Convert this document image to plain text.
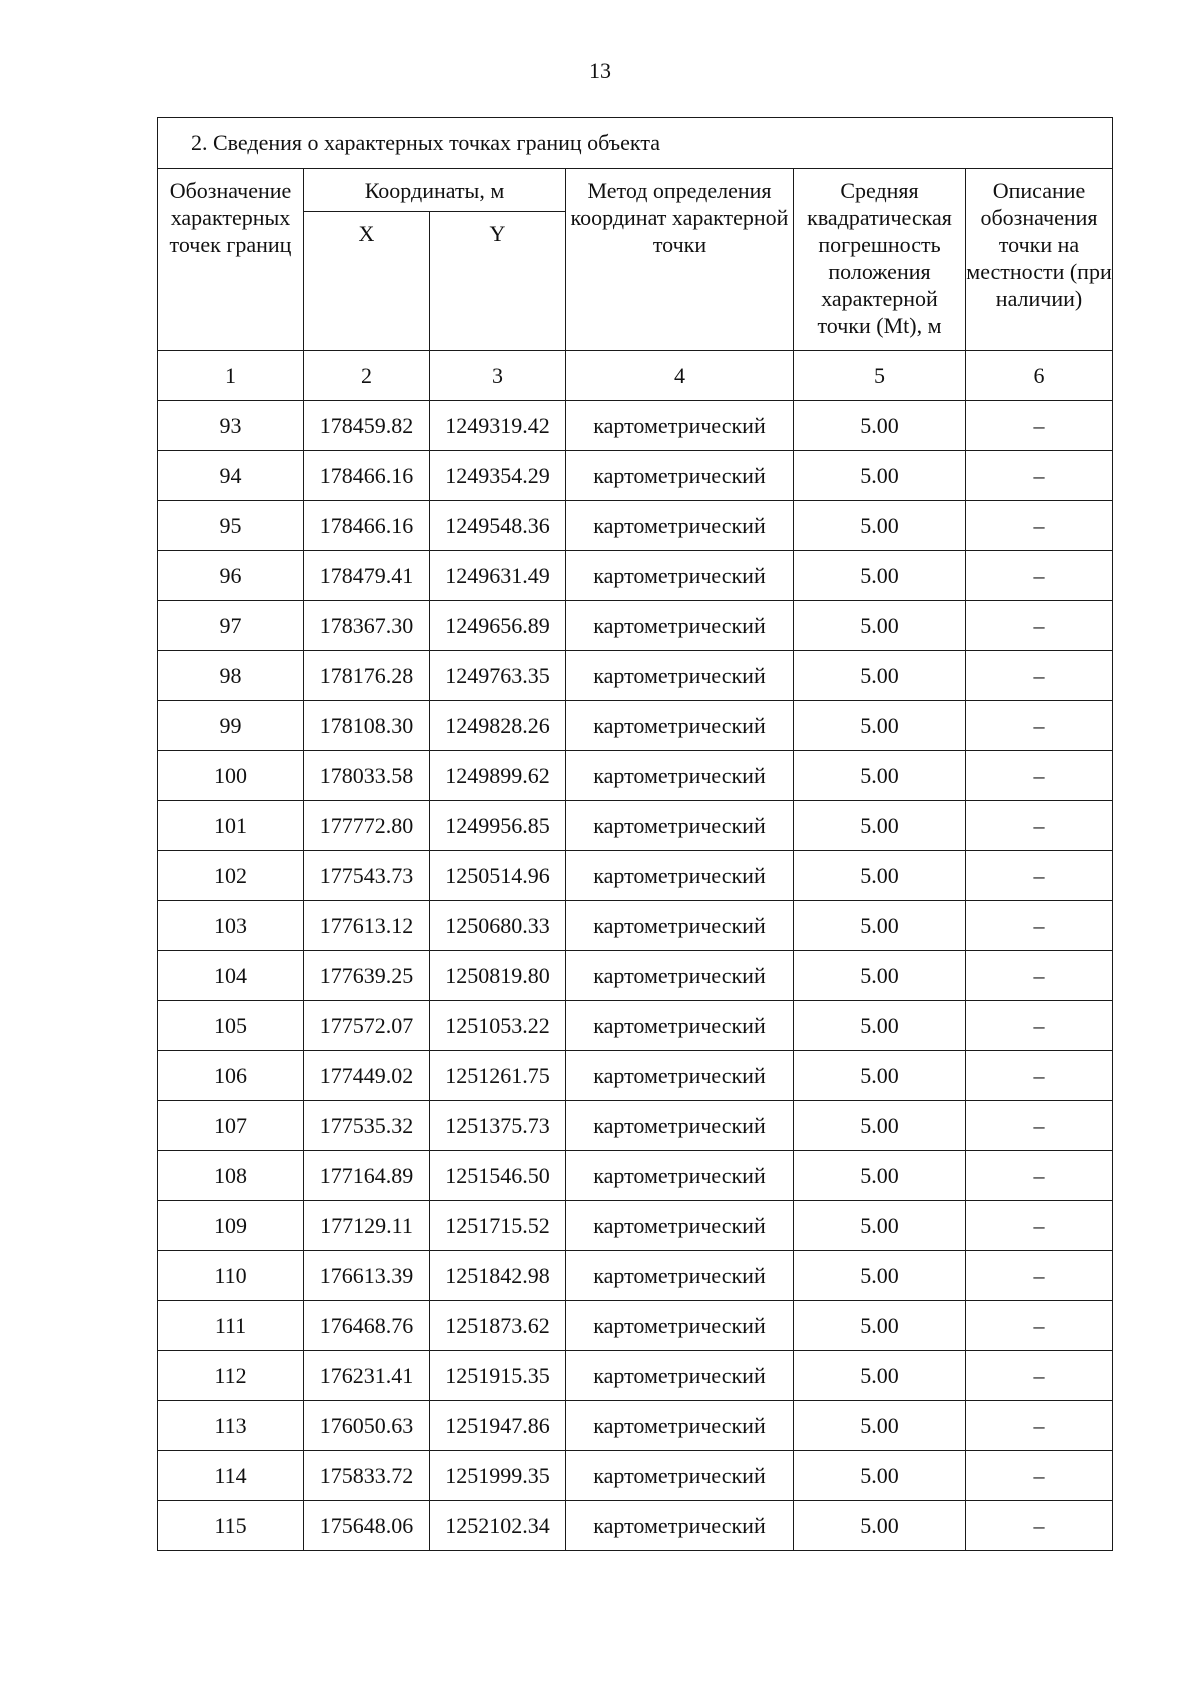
13
2. Сведения о характерных точках границ объекта					
Обозначение характерных точек границ	Координаты, м		Метод определения координат характерной точки	Средняя квадратическая погрешность положения характерной точки (Mt), м	Описание обозначения точки на местности (при наличии)
	X	Y			
1	2	3	4	5	6
93	178459.82	1249319.42	картометрический	5.00	–
94	178466.16	1249354.29	картометрический	5.00	–
95	178466.16	1249548.36	картометрический	5.00	–
96	178479.41	1249631.49	картометрический	5.00	–
97	178367.30	1249656.89	картометрический	5.00	–
98	178176.28	1249763.35	картометрический	5.00	–
99	178108.30	1249828.26	картометрический	5.00	–
100	178033.58	1249899.62	картометрический	5.00	–
101	177772.80	1249956.85	картометрический	5.00	–
102	177543.73	1250514.96	картометрический	5.00	–
103	177613.12	1250680.33	картометрический	5.00	–
104	177639.25	1250819.80	картометрический	5.00	–
105	177572.07	1251053.22	картометрический	5.00	–
106	177449.02	1251261.75	картометрический	5.00	–
107	177535.32	1251375.73	картометрический	5.00	–
108	177164.89	1251546.50	картометрический	5.00	–
109	177129.11	1251715.52	картометрический	5.00	–
110	176613.39	1251842.98	картометрический	5.00	–
111	176468.76	1251873.62	картометрический	5.00	–
112	176231.41	1251915.35	картометрический	5.00	–
113	176050.63	1251947.86	картометрический	5.00	–
114	175833.72	1251999.35	картометрический	5.00	–
115	175648.06	1252102.34	картометрический	5.00	–
